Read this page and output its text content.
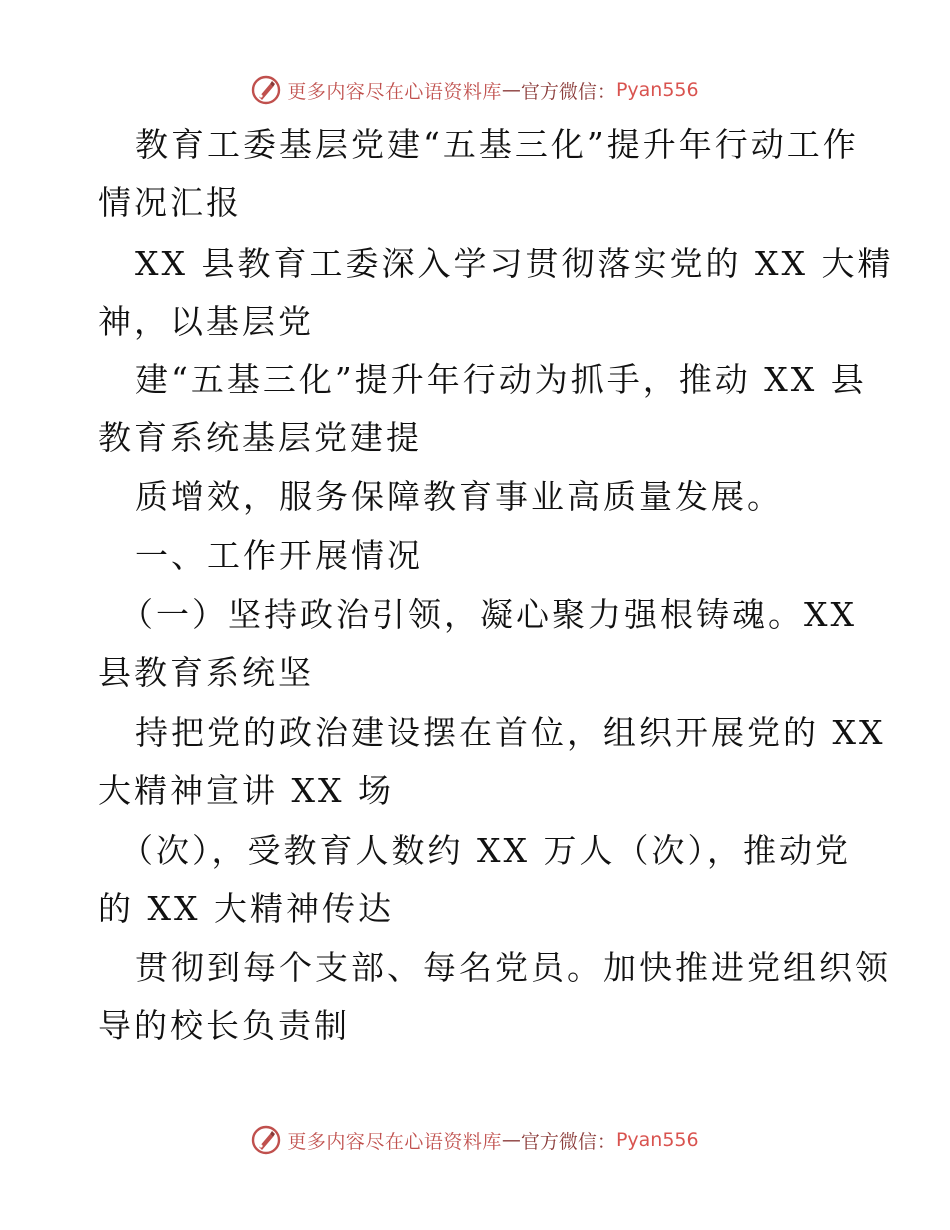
更多内容尽在心语资料库 — 官方微信： Pyan556
教育工委基层党建“五基三化”提升年行动工作
情况汇报
XX 县教育工委深入学习贯彻落实党的 XX 大精
神，以基层党
建“五基三化”提升年行动为抓手，推动 XX 县
教育系统基层党建提
质增效，服务保障教育事业高质量发展。
一、工作开展情况
（一）坚持政治引领，凝心聚力强根铸魂。XX
县教育系统坚
持把党的政治建设摆在首位，组织开展党的 XX
大精神宣讲 XX 场
（次），受教育人数约 XX 万人（次），推动党
的 XX 大精神传达
贯彻到每个支部、每名党员。加快推进党组织领
导的校长负责制
更多内容尽在心语资料库 — 官方微信： Pyan556
